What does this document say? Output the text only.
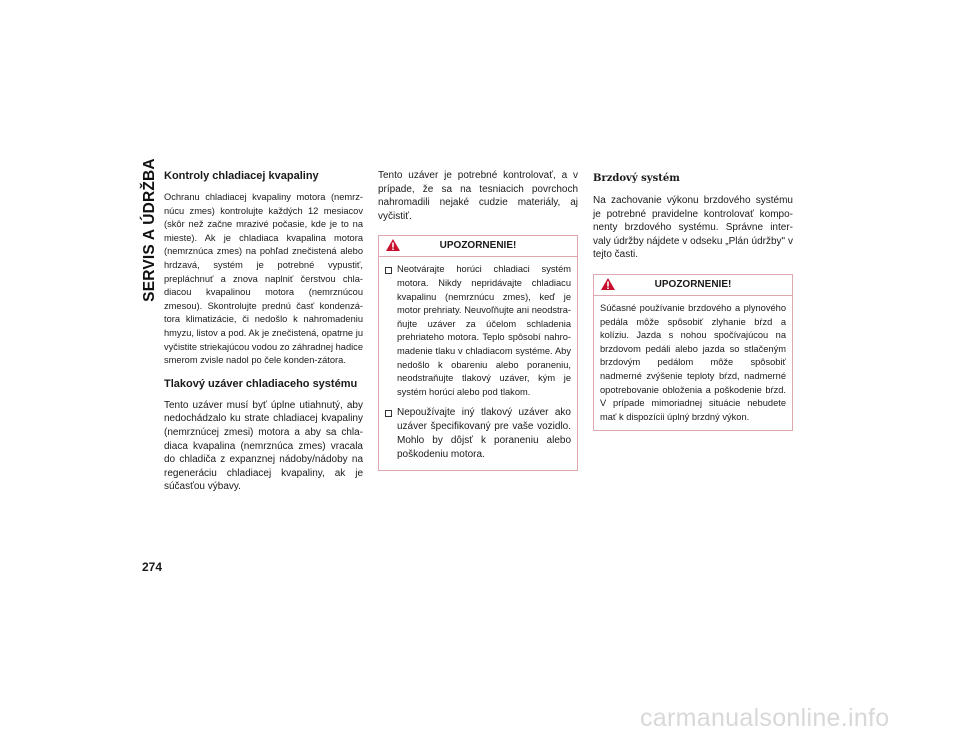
SERVIS A ÚDRŽBA Kontroly chladiacej kvapaliny

Ochranu chladiacej kvapaliny motora (nemrz-núcu zmes) kontrolujte každých 12 mesiacov (skôr než začne mrazivé počasie, kde je to na mieste). Ak je chladiaca kvapalina motora (nemrznúca zmes) na pohľad znečistená alebo hrdzavá, systém je potrebné vypustiť, prepláchnuť a znova naplniť čerstvou chla-diacou kvapalinou motora (nemrznúcou zmesou). Skontrolujte prednú časť kondenzá-tora klimatizácie, či nedošlo k nahromadeniu hmyzu, listov a pod. Ak je znečistená, opatrne ju vyčistite striekajúcou vodou zo záhradnej hadice smerom zvisle nadol po čele konden-zátora.

Tlakový uzáver chladiaceho systému

Tento uzáver musí byť úplne utiahnutý, aby nedochádzalo ku strate chladiacej kvapaliny (nemrznúcej zmesi) motora a aby sa chla-diaca kvapalina (nemrznúca zmes) vracala do chladiča z expanznej nádoby/nádoby na regeneráciu chladiacej kvapaliny, ak je súčasťou výbavy.

Tento uzáver je potrebné kontrolovať, a v prípade, že sa na tesniacich povrchoch nahromadili nejaké cudzie materiály, aj vyčistiť.

UPOZORNENIE!

Neotvárajte horúci chladiaci systém motora. Nikdy nepridávajte chladiacu kvapalinu (nemrznúcu zmes), keď je motor prehriaty. Neuvoľňujte ani neodstra-ňujte uzáver za účelom schladenia prehriateho motora. Teplo spôsobí nahro-madenie tlaku v chladiacom systéme. Aby nedošlo k obareniu alebo poraneniu, neodstraňujte tlakový uzáver, kým je systém horúci alebo pod tlakom.

Nepoužívajte iný tlakový uzáver ako uzáver špecifikovaný pre vaše vozidlo. Mohlo by dôjsť k poraneniu alebo poškodeniu motora.

Brzdový systém

Na zachovanie výkonu brzdového systému je potrebné pravidelne kontrolovať kompo-nenty brzdového systému. Správne inter-valy údržby nájdete v odseku „Plán údržby" v tejto časti.

UPOZORNENIE!

Súčasné používanie brzdového a plynového pedála môže spôsobiť zlyhanie bŕzd a kolíziu. Jazda s nohou spočívajúcou na brzdovom pedáli alebo jazda so stlačeným brzdovým pedálom môže spôsobiť nadmerné zvýšenie teploty bŕzd, nadmerné opotrebovanie obloženia a poškodenie bŕzd. V prípade mimoriadnej situácie nebudete mať k dispozícii úplný brzdný výkon.

274
carmanualsonline.info
